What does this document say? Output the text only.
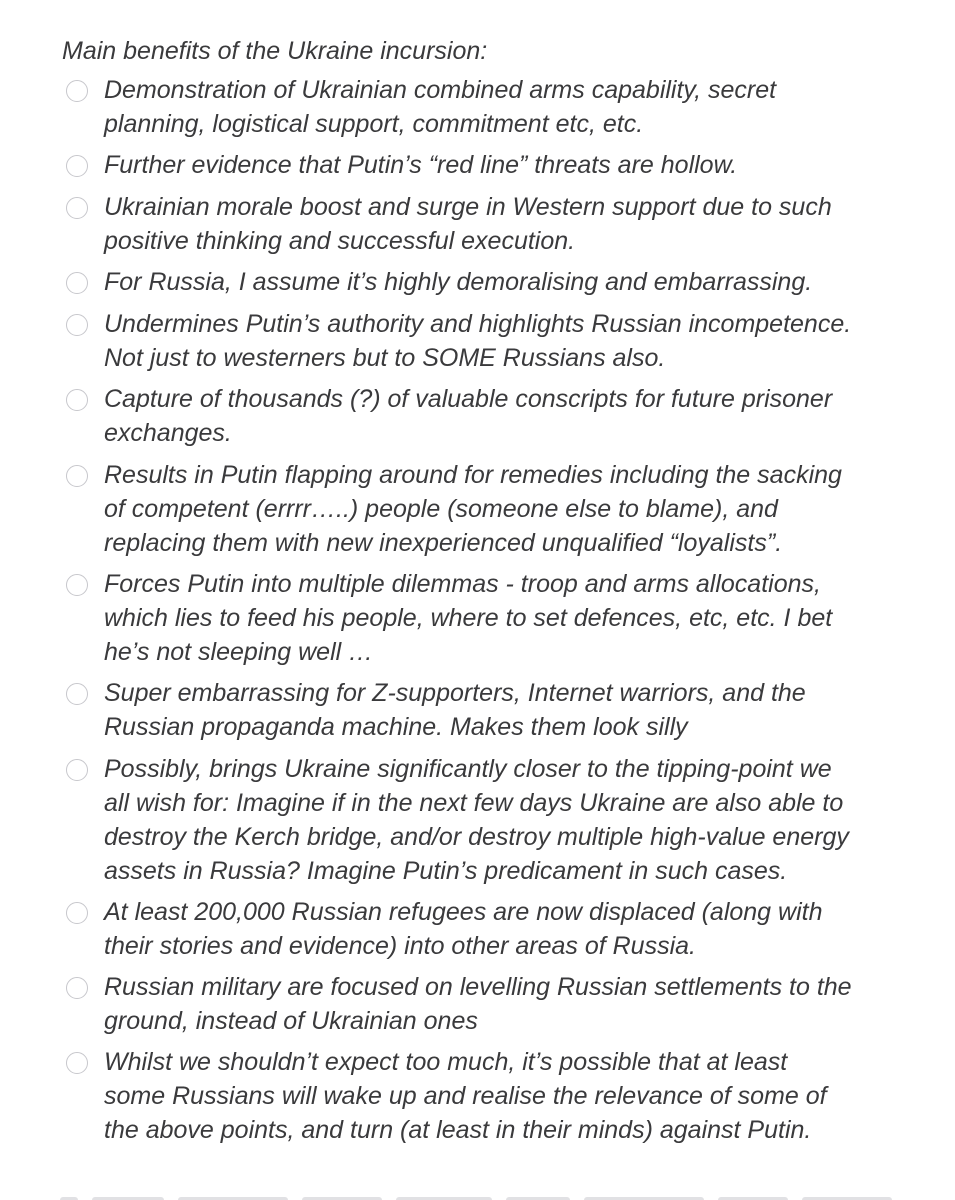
Main benefits of the Ukraine incursion:
Demonstration of Ukrainian combined arms capability, secret
planning, logistical support, commitment etc, etc.
Further evidence that Putin’s “red line” threats are hollow.
Ukrainian morale boost and surge in Western support due to such
positive thinking and successful execution.
For Russia, I assume it’s highly demoralising and embarrassing.
Undermines Putin’s authority and highlights Russian incompetence.
Not just to westerners but to SOME Russians also.
Capture of thousands (?) of valuable conscripts for future prisoner
exchanges.
Results in Putin flapping around for remedies including the sacking
of competent (errrr…..) people (someone else to blame), and
replacing them with new inexperienced unqualified “loyalists”.
Forces Putin into multiple dilemmas - troop and arms allocations,
which lies to feed his people, where to set defences, etc, etc. I bet
he’s not sleeping well …
Super embarrassing for Z-supporters, Internet warriors, and the
Russian propaganda machine. Makes them look silly
Possibly, brings Ukraine significantly closer to the tipping-point we
all wish for: Imagine if in the next few days Ukraine are also able to
destroy the Kerch bridge, and/or destroy multiple high-value energy
assets in Russia? Imagine Putin’s predicament in such cases.
At least 200,000 Russian refugees are now displaced (along with
their stories and evidence) into other areas of Russia.
Russian military are focused on levelling Russian settlements to the
ground, instead of Ukrainian ones
Whilst we shouldn’t expect too much, it’s possible that at least
some Russians will wake up and realise the relevance of some of
the above points, and turn (at least in their minds) against Putin.
